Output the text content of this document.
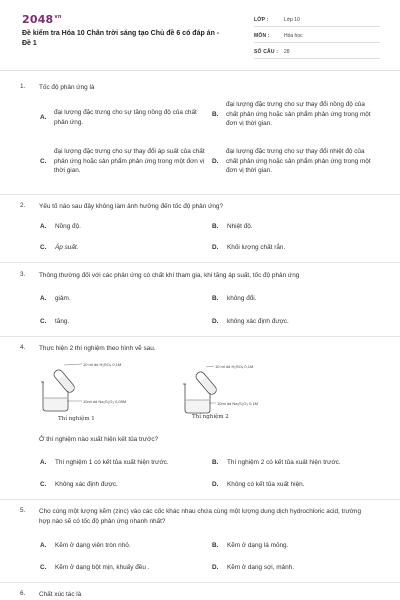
$2048^{vn}$
Đề kiểm tra Hóa 10 Chân trời sáng tạo Chủ đề 6 có đáp án - Đề 1
LỚP :	Lớp 10
MÔN :	Hóa học
SỐ CÂU :	28
1.	Tốc độ phản ứng là
A.
đại lượng đặc trưng cho sự tăng nồng độ của chất phản ứng.
B.
đại lượng đặc trưng cho sự thay đổi nồng độ của chất phản ứng hoặc sản phẩm phản ứng trong một đơn vị thời gian.
C.
đại lượng đặc trưng cho sự thay đổi áp suất của chất phản ứng hoặc sản phẩm phản ứng trong một đơn vị thời gian.
D.
đại lượng đặc trưng cho sự thay đổi nhiệt độ của chất phản ứng hoặc sản phẩm phản ứng trong một đơn vị thời gian.
2.	Yếu tố nào sau đây không làm ảnh hưởng đến tốc độ phản ứng?
A. Nồng độ.	B. Nhiệt độ.
C. Áp suất.	D. Khối lượng chất rắn.
3.	Thông thường đối với các phản ứng có chất khí tham gia, khi tăng áp suất, tốc độ phản ứng
A. giảm.	B. không đổi.
C. tăng.	D. không xác định được.
4.	Thực hiện 2 thí nghiệm theo hình vẽ sau.
10 ml dd H₂SO₄ 0,1M
10ml dd Na₂S₂O₃ 0,05M
Thí nghiệm 1
10 ml dd H₂SO₄ 0,1M
10ml dd Na₂S₂O₃ 0,1M
Thí nghiệm 2
Ở thí nghiệm nào xuất hiện kết tủa trước?
A. Thí nghiệm 1 có kết tủa xuất hiện trước.	B. Thí nghiệm 2 có kết tủa xuất hiện trước.
C. Không xác định được.	D. Không có kết tủa xuất hiện.
5.	Cho cùng một lượng kẽm (zinc) vào các cốc khác nhau chứa cùng một lượng dung dịch hydrochloric acid, trường hợp nào sẽ có tốc độ phản ứng nhanh nhất?
A. Kẽm ở dạng viên tròn nhỏ.	B. Kẽm ở dạng lá mỏng.
C. Kẽm ở dạng bột mịn, khuấy đều .	D. Kẽm ở dạng sợi, mảnh.
6.	Chất xúc tác là
